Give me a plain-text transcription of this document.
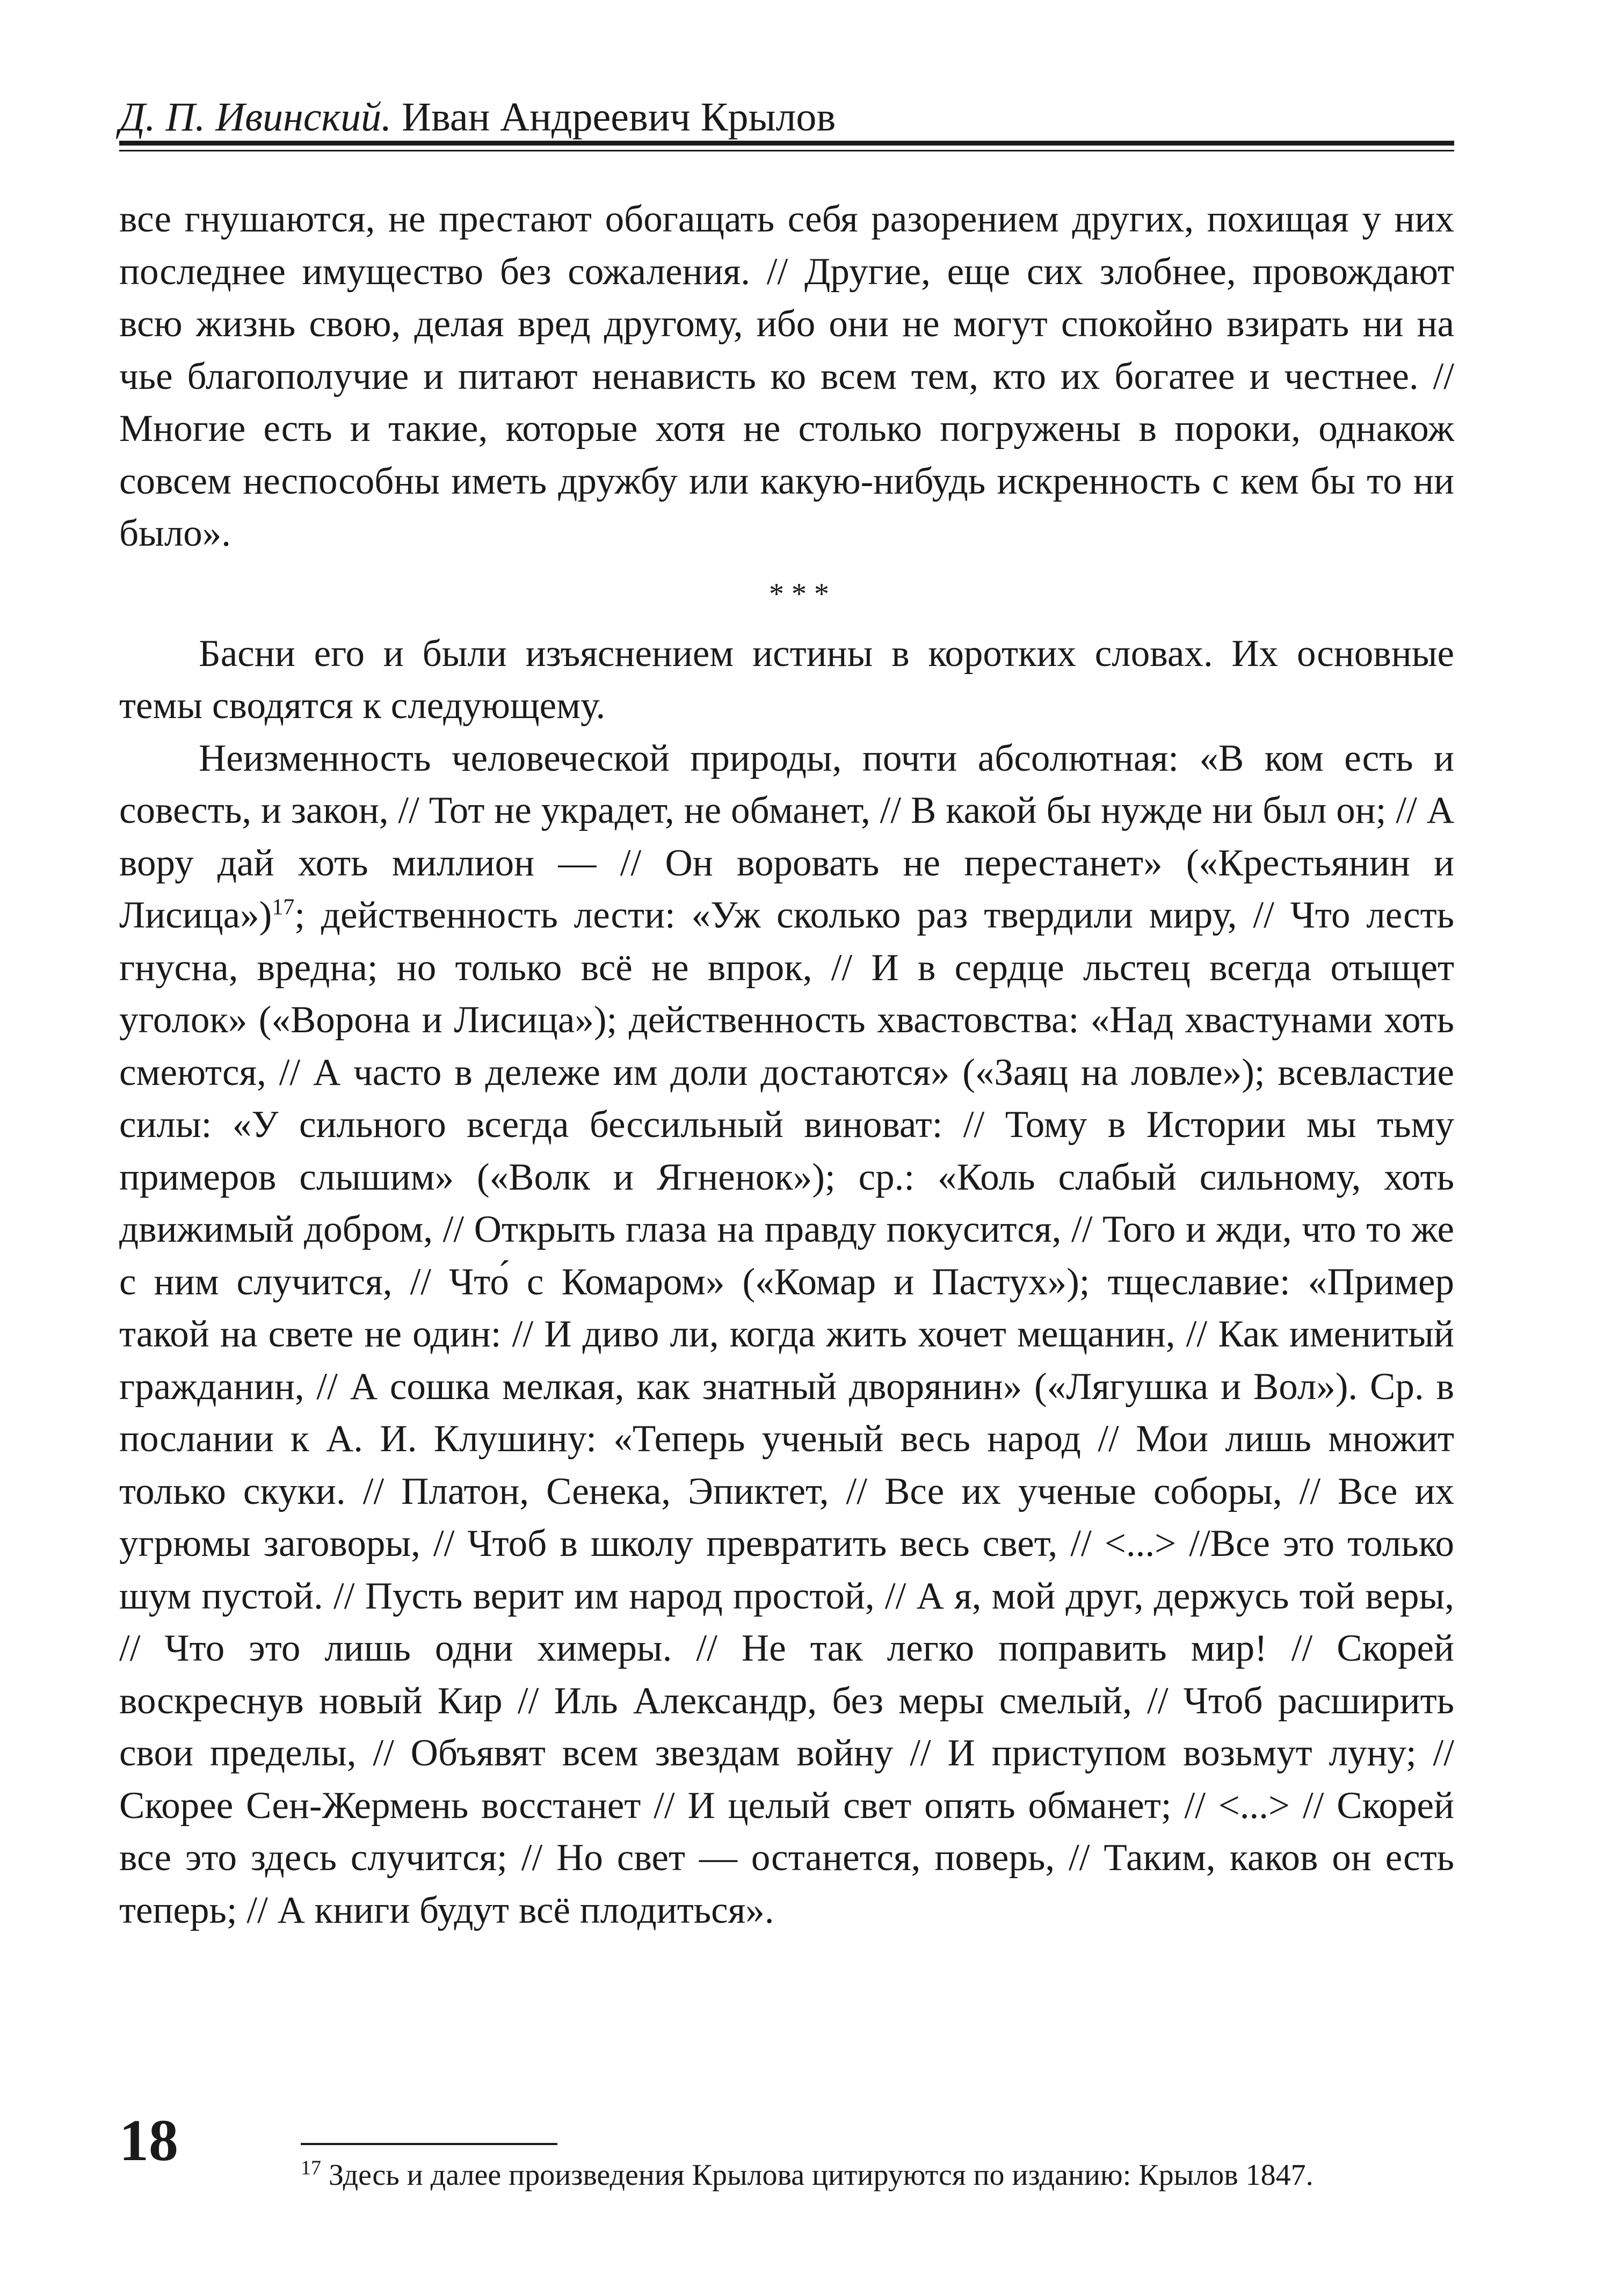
Д. П. Ивинский. Иван Андреевич Крылов

все гнушаются, не престают обогащать себя разорением других, похищая у них последнее имущество без сожаления. // Другие, еще сих злобнее, провождают всю жизнь свою, делая вред другому, ибо они не могут спокойно взирать ни на чье благополучие и питают ненависть ко всем тем, кто их богатее и честнее. // Многие есть и такие, которые хотя не столько погружены в пороки, однакож совсем неспособны иметь дружбу или какую-нибудь искренность с кем бы то ни было».

***

Басни его и были изъяснением истины в коротких словах. Их основные темы сводятся к следующему.

Неизменность человеческой природы, почти абсолютная: «В ком есть и совесть, и закон, // Тот не украдет, не обманет, // В какой бы нужде ни был он; // А вору дай хоть миллион — // Он воровать не перестанет» («Крестьянин и Лисица»)$^{17}$; действенность лести: «Уж сколько раз твердили миру, // Что лесть гнусна, вредна; но только всё не впрок, // И в сердце льстец всегда отыщет уголок» («Ворона и Лисица»); действенность хвастовства: «Над хвастунами хоть смеются, // А часто в дележе им доли достаются» («Заяц на ловле»); всевластие силы: «У сильного всегда бессильный виноват: // Тому в Истории мы тьму примеров слышим» («Волк и Ягненок»); ср.: «Коль слабый сильному, хоть движимый добром, // Открыть глаза на правду покусится, // Того и жди, что то же с ним случится, // Что́ с Комаром» («Комар и Пастух»); тщеславие: «Пример такой на свете не один: // И диво ли, когда жить хочет мещанин, // Как именитый гражданин, // А сошка мелкая, как знатный дворянин» («Лягушка и Вол»). Ср. в послании к А. И. Клушину: «Теперь ученый весь народ // Мои лишь множит только скуки. // Платон, Сенека, Эпиктет, // Все их ученые соборы, // Все их угрюмы заговоры, // Чтоб в школу превратить весь свет, // <...> //Все это только шум пустой. // Пусть верит им народ простой, // А я, мой друг, держусь той веры, // Что это лишь одни химеры. // Не так легко поправить мир! // Скорей воскреснув новый Кир // Иль Александр, без меры смелый, // Чтоб расширить свои пределы, // Объявят всем звездам войну // И приступом возьмут луну; // Скорее Сен-Жермень восстанет // И целый свет опять обманет; // <...> // Скорей все это здесь случится; // Но свет — останется, поверь, // Таким, каков он есть теперь; // А книги будут всё плодиться».

18	$^{17}$ Здесь и далее произведения Крылова цитируются по изданию: Крылов 1847.
